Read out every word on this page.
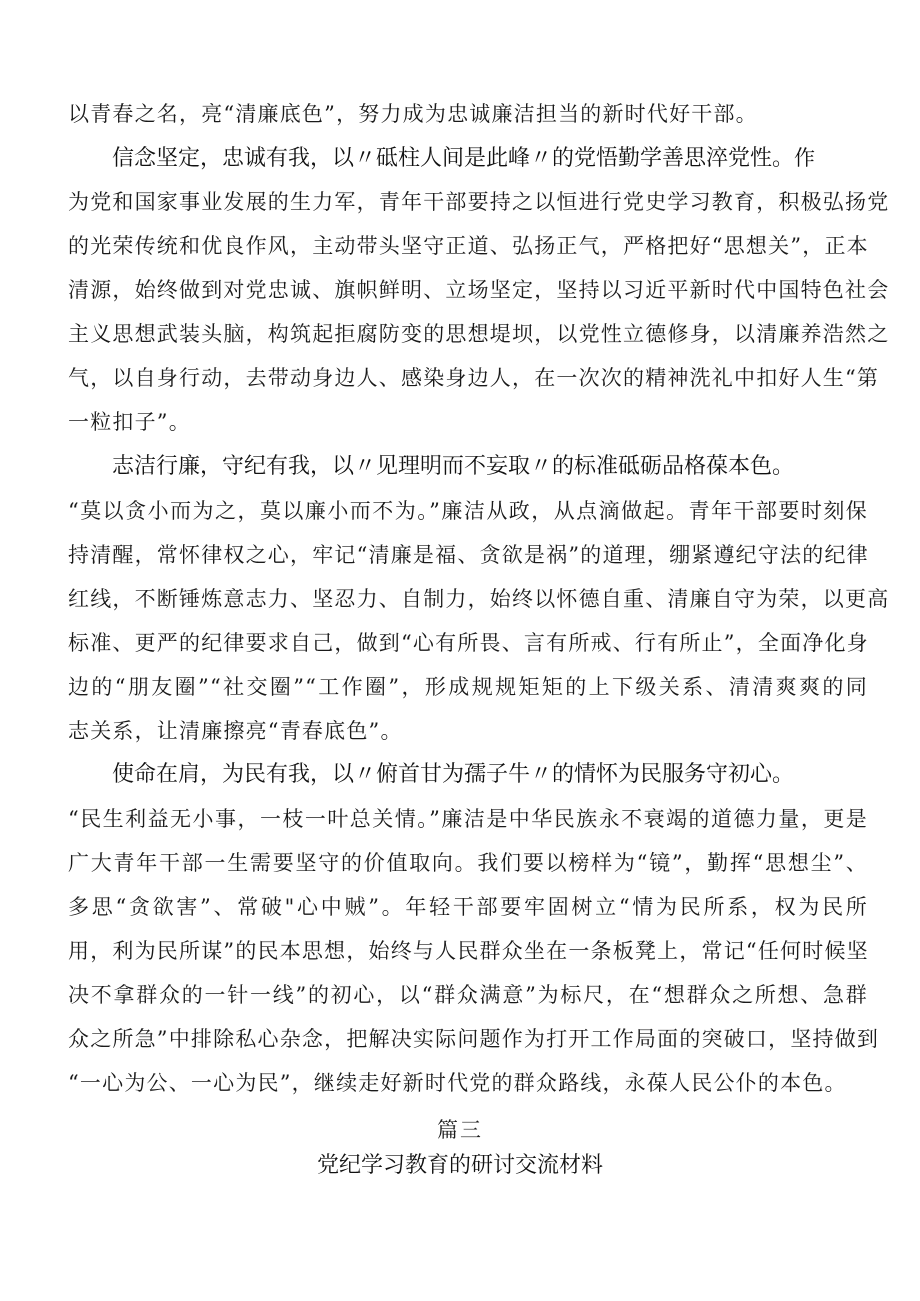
以青春之名，亮“清廉底色”，努力成为忠诚廉洁担当的新时代好干部。
信念坚定，忠诚有我，以〃砥柱人间是此峰〃的党悟勤学善思淬党性。作
为党和国家事业发展的生力军，青年干部要持之以恒进行党史学习教育，积极弘扬党
的光荣传统和优良作风，主动带头坚守正道、弘扬正气，严格把好“思想关”，正本
清源，始终做到对党忠诚、旗帜鲜明、立场坚定，坚持以习近平新时代中国特色社会
主义思想武装头脑，构筑起拒腐防变的思想堤坝，以党性立德修身，以清廉养浩然之
气，以自身行动，去带动身边人、感染身边人，在一次次的精神洗礼中扣好人生“第
一粒扣子”。
志洁行廉，守纪有我，以〃见理明而不妄取〃的标准砥砺品格葆本色。
“莫以贪小而为之，莫以廉小而不为。”廉洁从政，从点滴做起。青年干部要时刻保
持清醒，常怀律权之心，牢记“清廉是福、贪欲是祸”的道理，绷紧遵纪守法的纪律
红线，不断锤炼意志力、坚忍力、自制力，始终以怀德自重、清廉自守为荣，以更高
标准、更严的纪律要求自己，做到“心有所畏、言有所戒、行有所止”，全面净化身
边的“朋友圈”“社交圈”“工作圈”，形成规规矩矩的上下级关系、清清爽爽的同
志关系，让清廉擦亮“青春底色”。
使命在肩，为民有我，以〃俯首甘为孺子牛〃的情怀为民服务守初心。
“民生利益无小事，一枝一叶总关情。”廉洁是中华民族永不衰竭的道德力量，更是
广大青年干部一生需要坚守的价值取向。我们要以榜样为“镜”，勤挥“思想尘”、
多思“贪欲害”、常破"心中贼”。年轻干部要牢固树立“情为民所系，权为民所
用，利为民所谋”的民本思想，始终与人民群众坐在一条板凳上，常记“任何时候坚
决不拿群众的一针一线”的初心，以“群众满意”为标尺，在“想群众之所想、急群
众之所急”中排除私心杂念，把解决实际问题作为打开工作局面的突破口，坚持做到
“一心为公、一心为民”，继续走好新时代党的群众路线，永葆人民公仆的本色。
篇三
党纪学习教育的研讨交流材料
